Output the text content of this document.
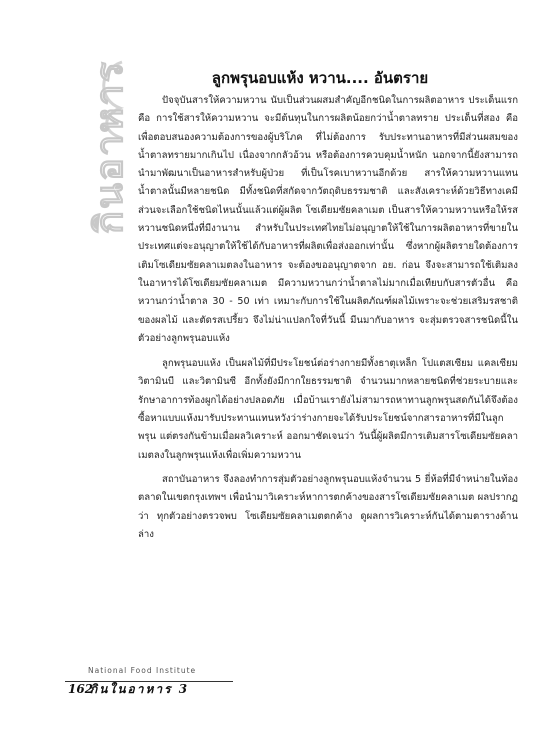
กินอาหาร	ลูกพรุนอบแห้ง หวาน.... อันตราย

ปัจจุบันสารให้ความหวาน นับเป็นส่วนผสมสำคัญอีกชนิดในการผลิตอาหาร ประเด็นแรก คือ การใช้สารให้ความหวาน จะมีต้นทุนในการผลิตน้อยกว่าน้ำตาลทราย ประเด็นที่สอง คือ เพื่อตอบสนองความต้องการของผู้บริโภค ที่ไม่ต้องการ รับประทานอาหารที่มีส่วนผสมของน้ำตาลทรายมากเกินไป เนื่องจากกลัวอ้วน หรือต้องการควบคุมน้ำหนัก นอกจากนี้ยังสามารถนำมาพัฒนาเป็นอาหารสำหรับผู้ป่วย ที่เป็นโรคเบาหวานอีกด้วย สารให้ความหวานแทนน้ำตาลนั้นมีหลายชนิด มีทั้งชนิดที่สกัดจากวัตถุดิบธรรมชาติ และสังเคราะห์ด้วยวิธีทางเคมี ส่วนจะเลือกใช้ชนิดไหนนั้นแล้วแต่ผู้ผลิต โซเดียมซัยคลาเมต เป็นสารให้ความหวานหรือให้รสหวานชนิดหนึ่งที่มีงานาน สำหรับในประเทศไทยไม่อนุญาตให้ใช้ในการผลิตอาหารที่ขายในประเทศแต่จะอนุญาตให้ใช้ได้กับอาหารที่ผลิตเพื่อส่งออกเท่านั้น ซึ่งหากผู้ผลิตรายใดต้องการเติมโซเดียมซัยคลาเมตลงในอาหาร จะต้องขออนุญาตจาก อย. ก่อน จึงจะสามารถใช้เติมลงในอาหารได้โซเดียมซัยคลาเมต มีความหวานกว่าน้ำตาลไม่มากเมื่อเทียบกับสารตัวอื่น คือ หวานกว่าน้ำตาล 30 - 50 เท่า เหมาะกับการใช้ในผลิตภัณฑ์ผลไม้เพราะจะช่วยเสริมรสชาติของผลไม้ และตัดรสเปรี้ยว จึงไม่น่าแปลกใจที่วันนี้ มีนมากับอาหาร จะสุ่มตรวจสารชนิดนี้ในตัวอย่างลูกพรุนอบแห้ง

ลูกพรุนอบแห้ง เป็นผลไม้ที่มีประโยชน์ต่อร่างกายมีทั้งธาตุเหล็ก โปแตสเซียม แคลเซียม วิตามินบี และวิตามินซี อีกทั้งยังมีกากใยธรรมชาติ จำนวนมากหลายชนิดที่ช่วยระบายและรักษาอาการท้องผูกได้อย่างปลอดภัย เมื่อบ้านเรายังไม่สามารถหาทานลูกพรุนสดกันได้จึงต้องซื้อหาแบบแห้งมารับประทานแทนหวังว่าร่างกายจะได้รับประโยชน์จากสารอาหารที่มีในลูกพรุน แต่ตรงกันข้ามเมื่อผลวิเคราะห์ ออกมาชัดเจนว่า วันนี้ผู้ผลิตมีการเติมสารโซเดียมซัยคลาเมตลงในลูกพรุนแห้งเพื่อเพิ่มความหวาน

สถาบันอาหาร จึงลองทำการสุ่มตัวอย่างลูกพรุนอบแห้งจำนวน 5 ยี่ห้อที่มีจำหน่ายในท้องตลาดในเขตกรุงเทพฯ เพื่อนำมาวิเคราะห์หาการตกค้างของสารโซเดียมซัยคลาเมต ผลปรากฏว่า ทุกตัวอย่างตรวจพบ โซเดียมซัยคลาเมตตกค้าง ดูผลการวิเคราะห์กันได้ตามตารางด้านล่าง

National Food Institute
162
กินในอาหาร 3
